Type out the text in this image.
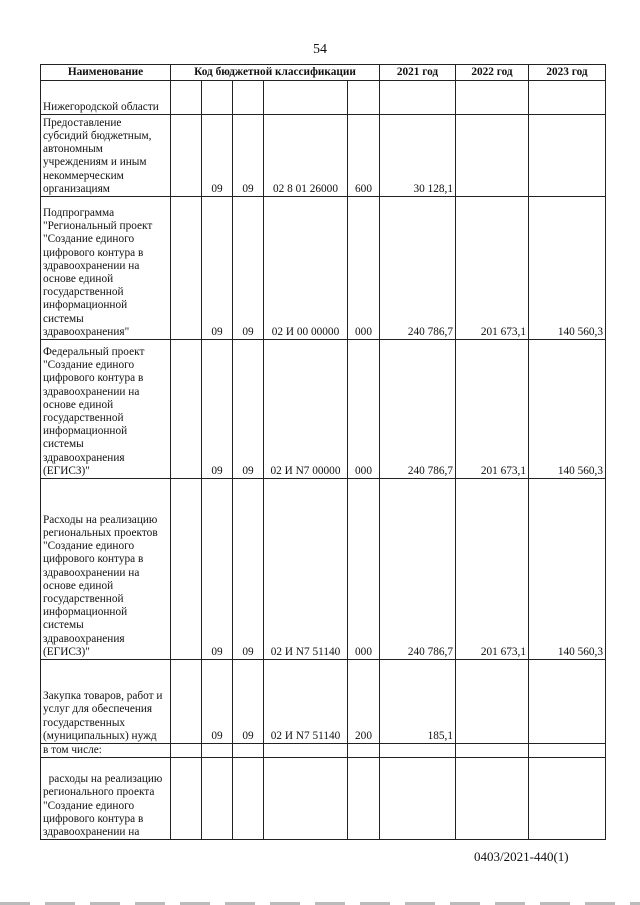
54
Наименование	Код бюджетной классификации					2021 год	2022 год	2023 год
Нижегородской области								
Предоставление субсидий бюджетным, автономным учреждениям и иным некоммерческим организациям		09	09	02 8 01 26000	600	30 128,1		
Подпрограмма "Региональный проект "Создание единого цифрового контура в здравоохранении на основе единой государственной информационной системы здравоохранения"		09	09	02 И 00 00000	000	240 786,7	201 673,1	140 560,3
Федеральный проект "Создание единого цифрового контура в здравоохранении на основе единой государственной информационной системы здравоохранения (ЕГИСЗ)"		09	09	02 И N7 00000	000	240 786,7	201 673,1	140 560,3
Расходы на реализацию региональных проектов "Создание единого цифрового контура в здравоохранении на основе единой государственной информационной системы здравоохранения (ЕГИСЗ)"		09	09	02 И N7 51140	000	240 786,7	201 673,1	140 560,3
Закупка товаров, работ и услуг для обеспечения государственных (муниципальных) нужд		09	09	02 И N7 51140	200	185,1		
в том числе:								
расходы на реализацию регионального проекта "Создание единого цифрового контура в здравоохранении на								
0403/2021-440(1)
